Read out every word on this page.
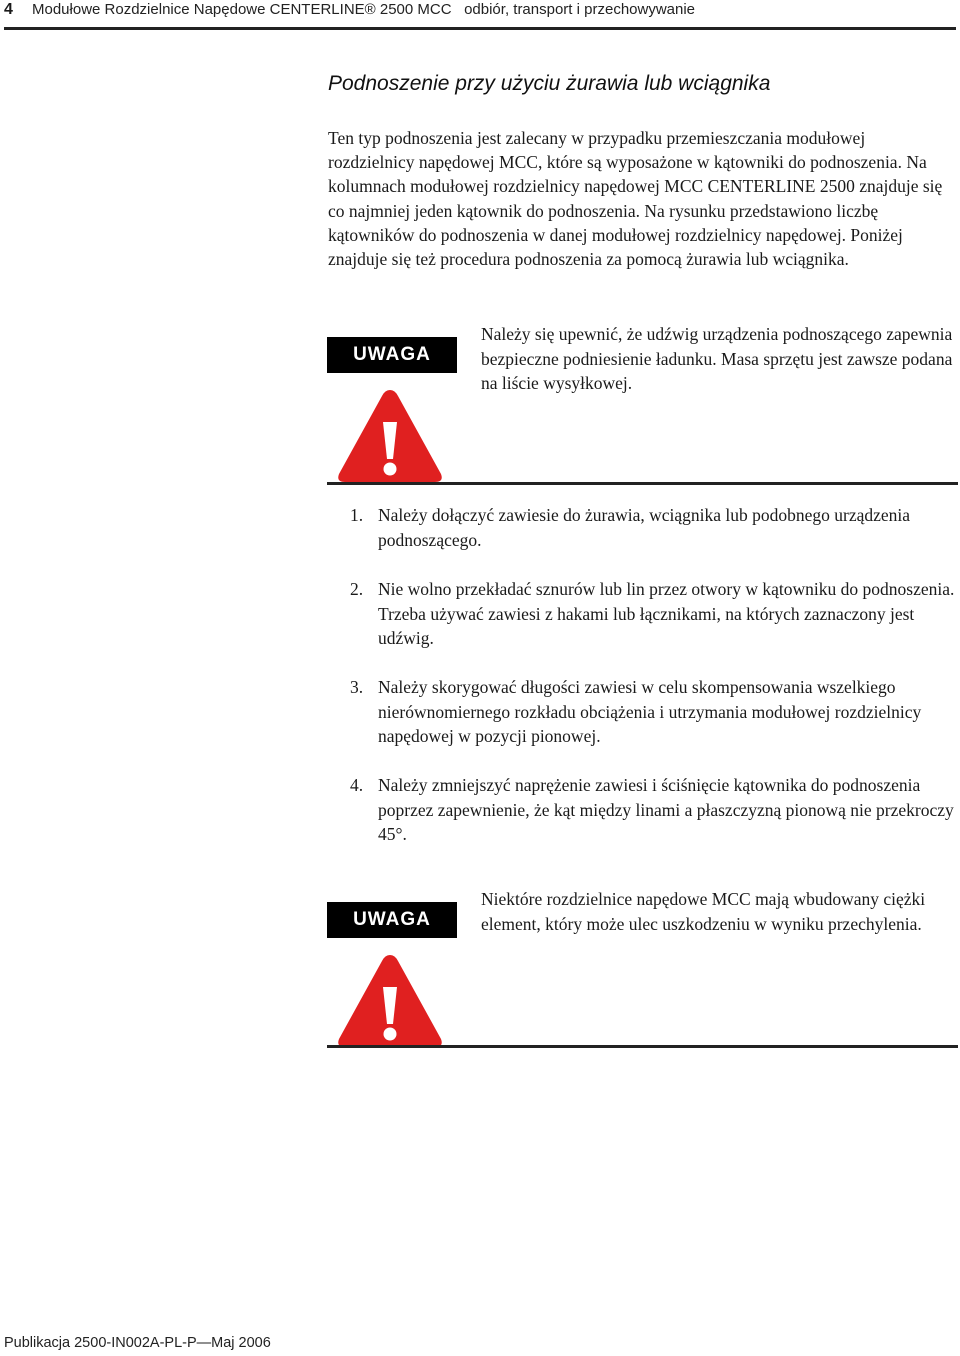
4 Modułowe Rozdzielnice Napędowe CENTERLINE® 2500 MCC   odbiór, transport i przechowywanie
Podnoszenie przy użyciu żurawia lub wciągnika

Ten typ podnoszenia jest zalecany w przypadku przemieszczania modułowej rozdzielnicy napędowej MCC, które są wyposażone w kątowniki do podnoszenia. Na kolumnach modułowej rozdzielnicy napędowej MCC CENTERLINE 2500 znajduje się co najmniej jeden kątownik do podnoszenia. Na rysunku przedstawiono liczbę kątowników do podnoszenia w danej modułowej rozdzielnicy napędowej. Poniżej znajduje się też procedura podnoszenia za pomocą żurawia lub wciągnika.

UWAGA

Należy się upewnić, że udźwig urządzenia podnoszącego zapewnia bezpieczne podniesienie ładunku. Masa sprzętu jest zawsze podana na liście wysyłkowej.

1. Należy dołączyć zawiesie do żurawia, wciągnika lub podobnego urządzenia podnoszącego.
2. Nie wolno przekładać sznurów lub lin przez otwory w kątowniku do podnoszenia. Trzeba używać zawiesi z hakami lub łącznikami, na których zaznaczony jest udźwig.
3. Należy skorygować długości zawiesi w celu skompensowania wszelkiego nierównomiernego rozkładu obciążenia i utrzymania modułowej rozdzielnicy napędowej w pozycji pionowej.
4. Należy zmniejszyć naprężenie zawiesi i ściśnięcie kątownika do podnoszenia poprzez zapewnienie, że kąt między linami a płaszczyzną pionową nie przekroczy 45°.
UWAGA

Niektóre rozdzielnice napędowe MCC mają wbudowany ciężki element, który może ulec uszkodzeniu w wyniku przechylenia.

Publikacja 2500-IN002A-PL-P—Maj 2006
